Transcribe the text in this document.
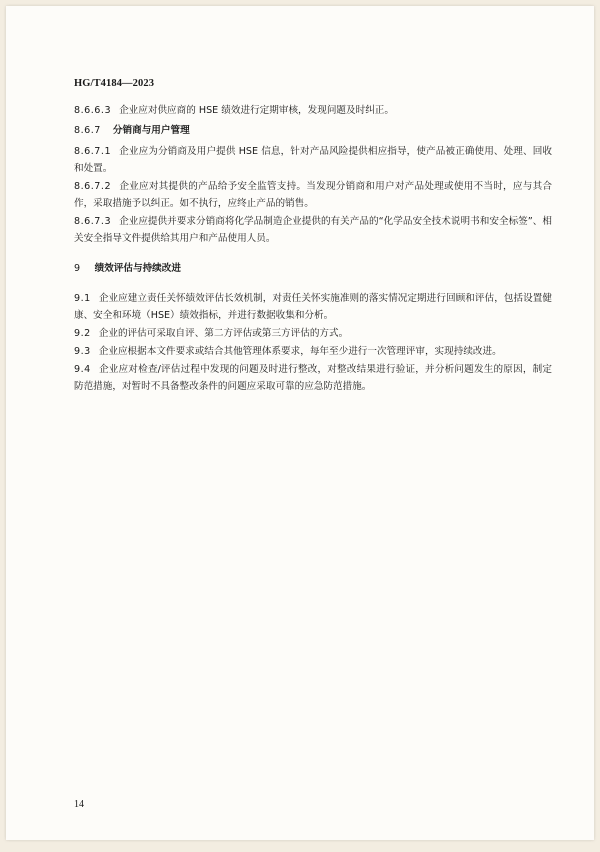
HG/T4184—2023
8.6.6.3 企业应对供应商的 HSE 绩效进行定期审核，发现问题及时纠正。
8.6.7 分销商与用户管理
8.6.7.1 企业应为分销商及用户提供 HSE 信息，针对产品风险提供相应指导，使产品被正确使用、处理、回收和处置。
8.6.7.2 企业应对其提供的产品给予安全监管支持。当发现分销商和用户对产品处理或使用不当时，应与其合作，采取措施予以纠正。如不执行，应终止产品的销售。
8.6.7.3 企业应提供并要求分销商将化学品制造企业提供的有关产品的“化学品安全技术说明书和安全标签”、相关安全指导文件提供给其用户和产品使用人员。
9 绩效评估与持续改进
9.1 企业应建立责任关怀绩效评估长效机制，对责任关怀实施准则的落实情况定期进行回顾和评估，包括设置健康、安全和环境（HSE）绩效指标，并进行数据收集和分析。
9.2 企业的评估可采取自评、第二方评估或第三方评估的方式。
9.3 企业应根据本文件要求或结合其他管理体系要求，每年至少进行一次管理评审，实现持续改进。
9.4 企业应对检查/评估过程中发现的问题及时进行整改，对整改结果进行验证，并分析问题发生的原因，制定防范措施，对暂时不具备整改条件的问题应采取可靠的应急防范措施。
14
